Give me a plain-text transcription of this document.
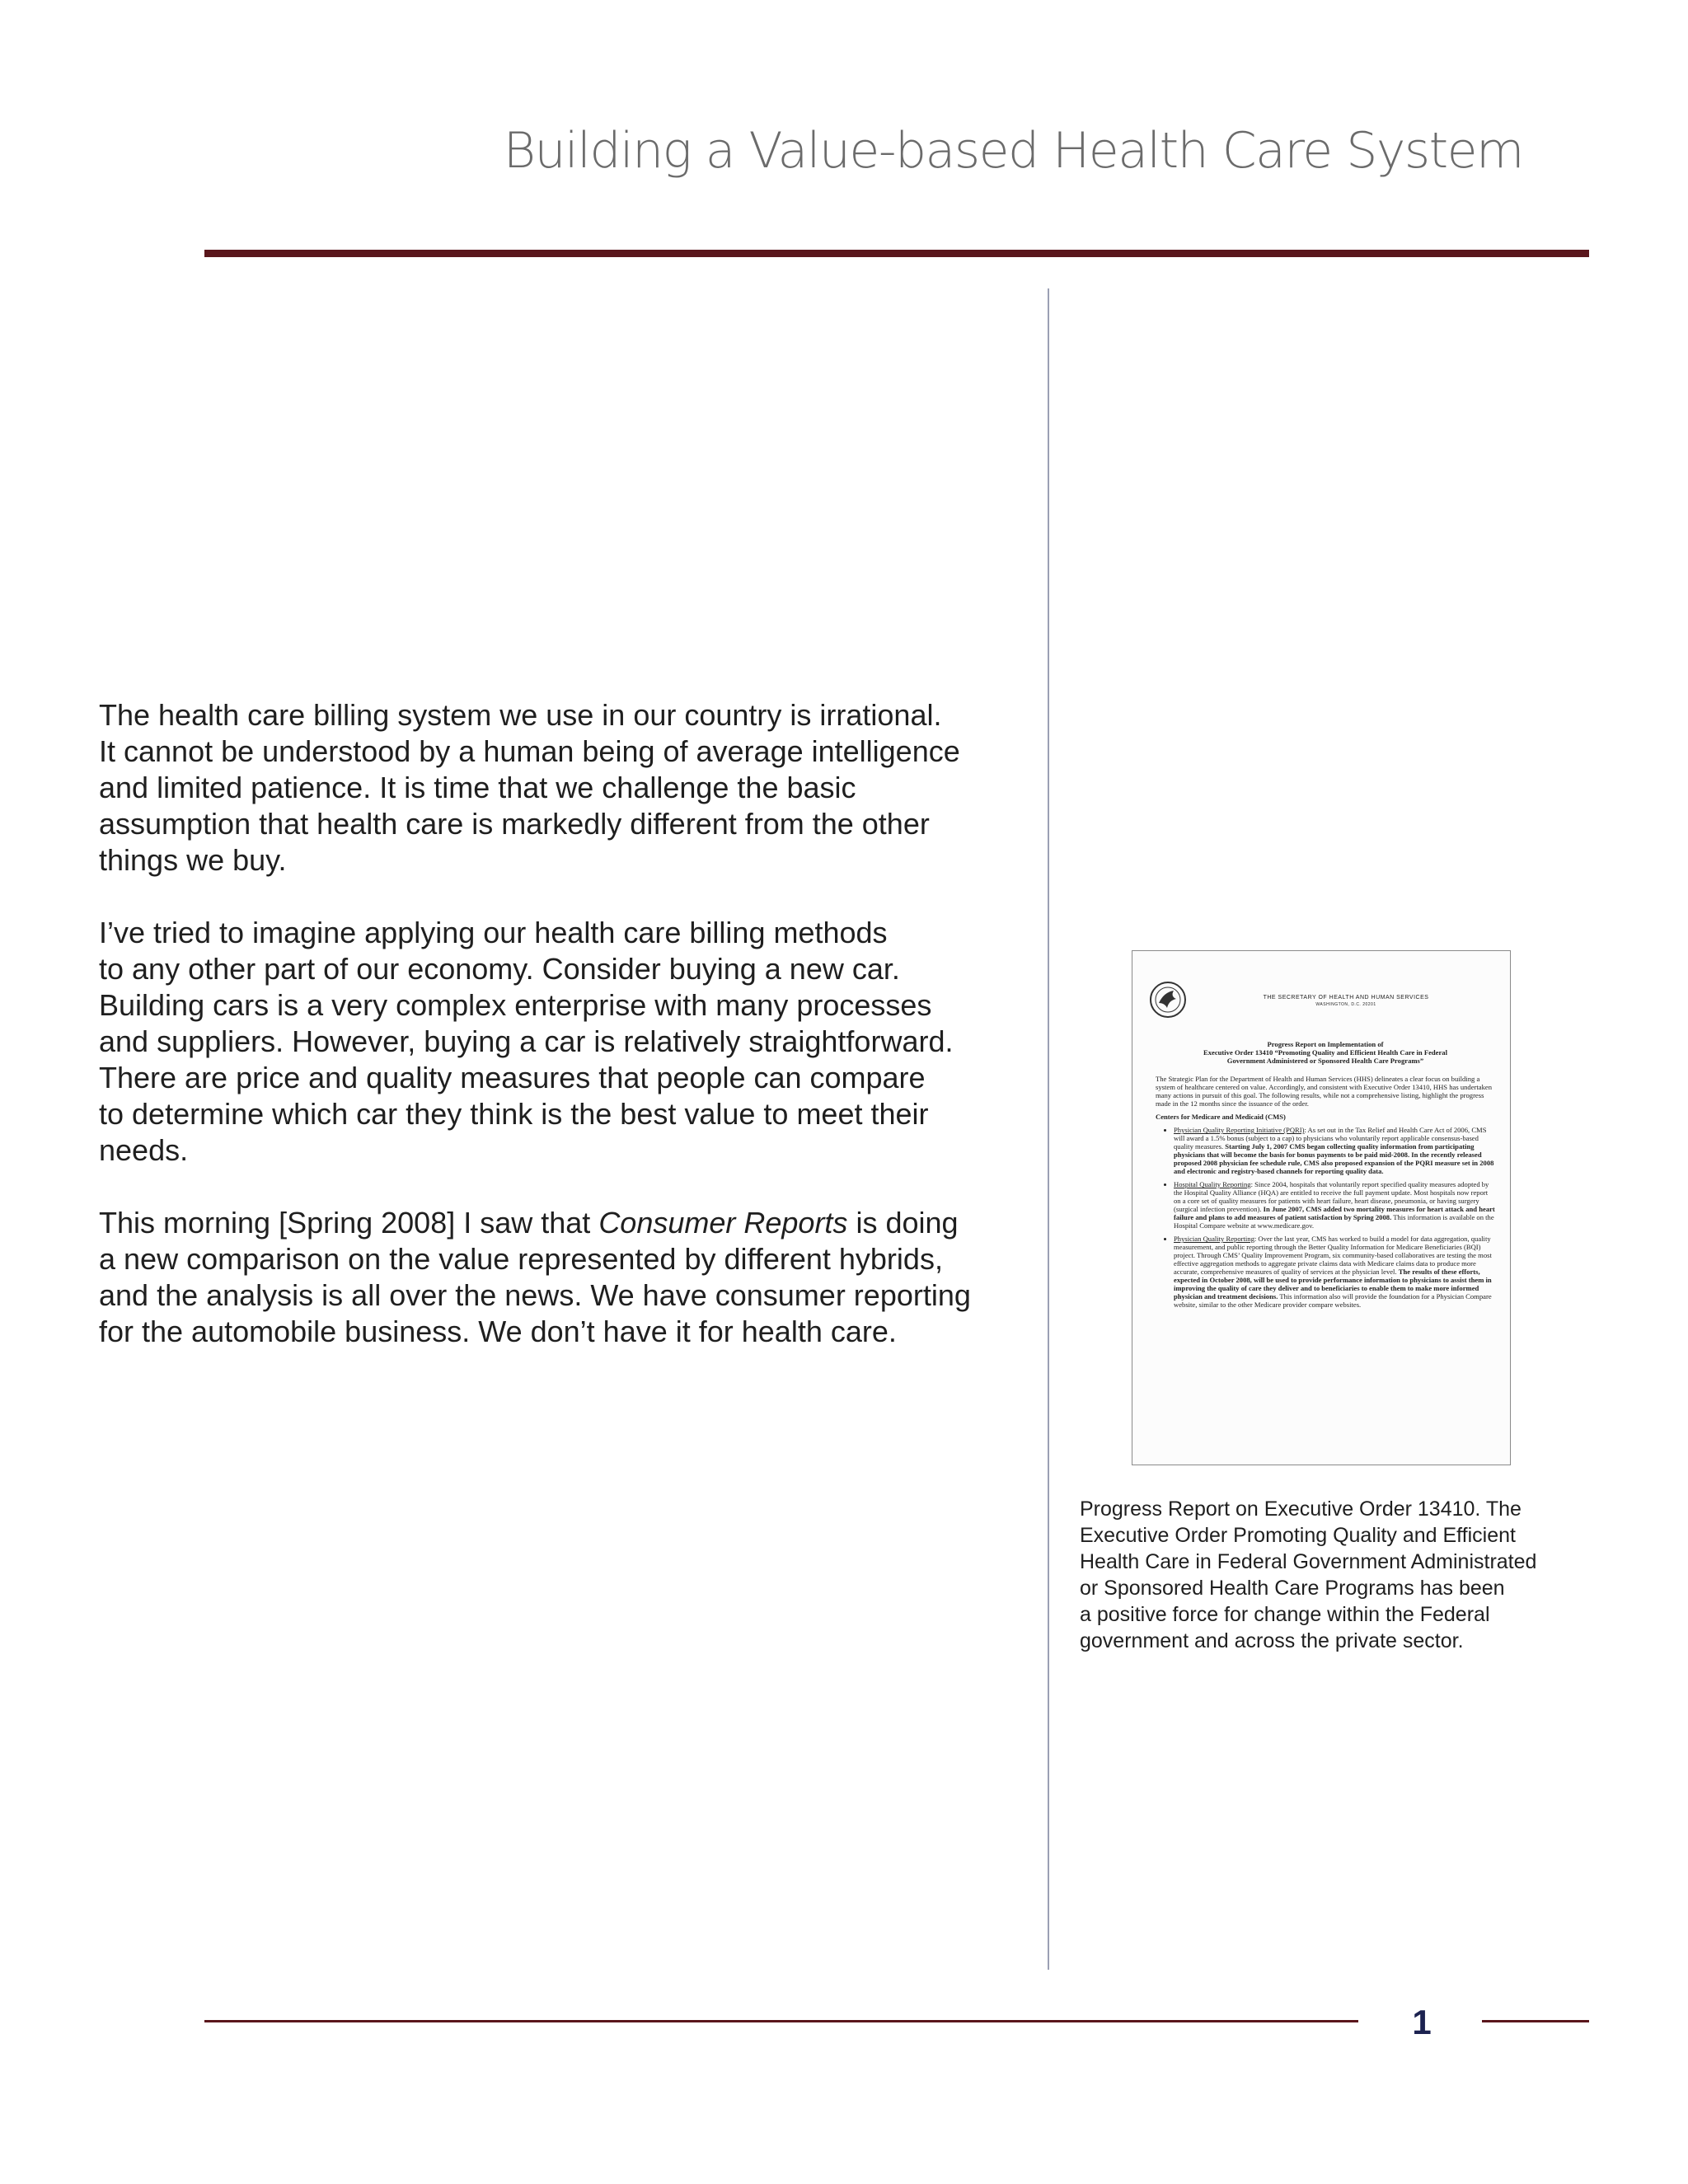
Building a Value-based Health Care System

The health care billing system we use in our country is irrational.
It cannot be understood by a human being of average intelligence
and limited patience. It is time that we challenge the basic
assumption that health care is markedly different from the other
things we buy.

I’ve tried to imagine applying our health care billing methods
to any other part of our economy. Consider buying a new car.
Building cars is a very complex enterprise with many processes
and suppliers. However, buying a car is relatively straightforward.
There are price and quality measures that people can compare
to determine which car they think is the best value to meet their
needs.

This morning [Spring 2008] I saw that Consumer Reports is doing
a new comparison on the value represented by different hybrids,
and the analysis is all over the news. We have consumer reporting
for the automobile business. We don’t have it for health care.

THE SECRETARY OF HEALTH AND HUMAN SERVICES
WASHINGTON, D.C. 20201
Progress Report on Implementation of
Executive Order 13410 “Promoting Quality and Efficient Health Care in Federal
Government Administered or Sponsored Health Care Programs”

The Strategic Plan for the Department of Health and Human Services (HHS) delineates a clear focus on building a system of healthcare centered on value. Accordingly, and consistent with Executive Order 13410, HHS has undertaken many actions in pursuit of this goal. The following results, while not a comprehensive listing, highlight the progress made in the 12 months since the issuance of the order.

Centers for Medicare and Medicaid (CMS)

• Physician Quality Reporting Initiative (PQRI): As set out in the Tax Relief and Health Care Act of 2006, CMS will award a 1.5% bonus (subject to a cap) to physicians who voluntarily report applicable consensus-based quality measures. Starting July 1, 2007 CMS began collecting quality information from participating physicians that will become the basis for bonus payments to be paid mid-2008. In the recently released proposed 2008 physician fee schedule rule, CMS also proposed expansion of the PQRI measure set in 2008 and electronic and registry-based channels for reporting quality data.
• Hospital Quality Reporting: Since 2004, hospitals that voluntarily report specified quality measures adopted by the Hospital Quality Alliance (HQA) are entitled to receive the full payment update. Most hospitals now report on a core set of quality measures for patients with heart failure, heart disease, pneumonia, or having surgery (surgical infection prevention). In June 2007, CMS added two mortality measures for heart attack and heart failure and plans to add measures of patient satisfaction by Spring 2008. This information is available on the Hospital Compare website at www.medicare.gov.
• Physician Quality Reporting: Over the last year, CMS has worked to build a model for data aggregation, quality measurement, and public reporting through the Better Quality Information for Medicare Beneficiaries (BQI) project. Through CMS’ Quality Improvement Program, six community-based collaboratives are testing the most effective aggregation methods to aggregate private claims data with Medicare claims data to produce more accurate, comprehensive measures of quality of services at the physician level. The results of these efforts, expected in October 2008, will be used to provide performance information to physicians to assist them in improving the quality of care they deliver and to beneficiaries to enable them to make more informed physician and treatment decisions. This information also will provide the foundation for a Physician Compare website, similar to the other Medicare provider compare websites.
Progress Report on Executive Order 13410. The
Executive Order Promoting Quality and Efficient
Health Care in Federal Government Administrated
or Sponsored Health Care Programs has been
a positive force for change within the Federal
government and across the private sector.
1
